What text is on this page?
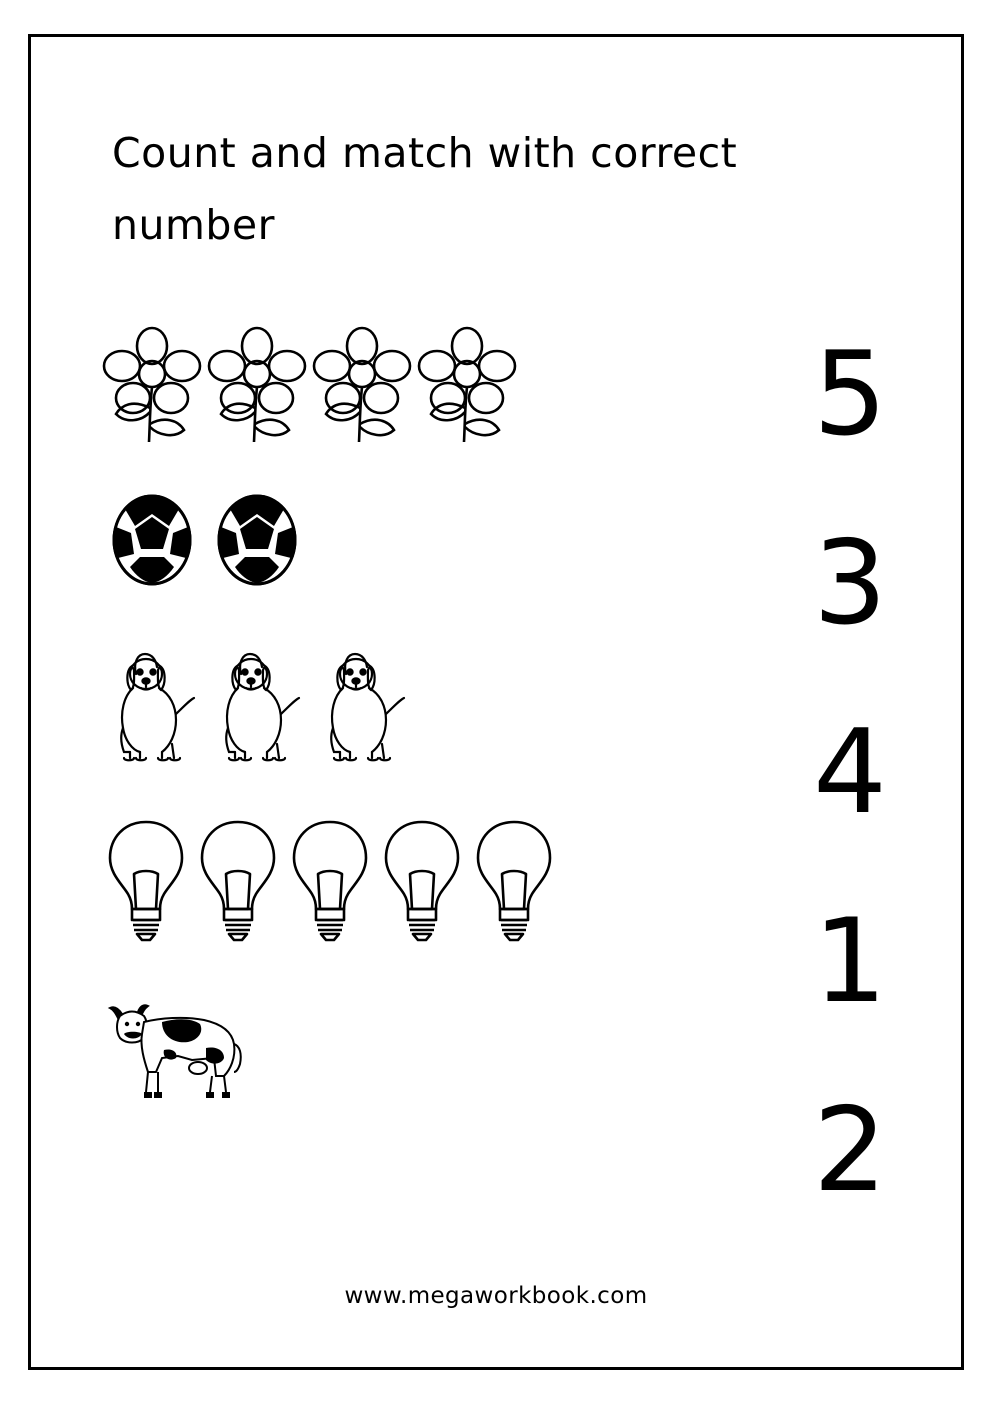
Count and match with correct number
5
3
4
1
2
www.megaworkbook.com
